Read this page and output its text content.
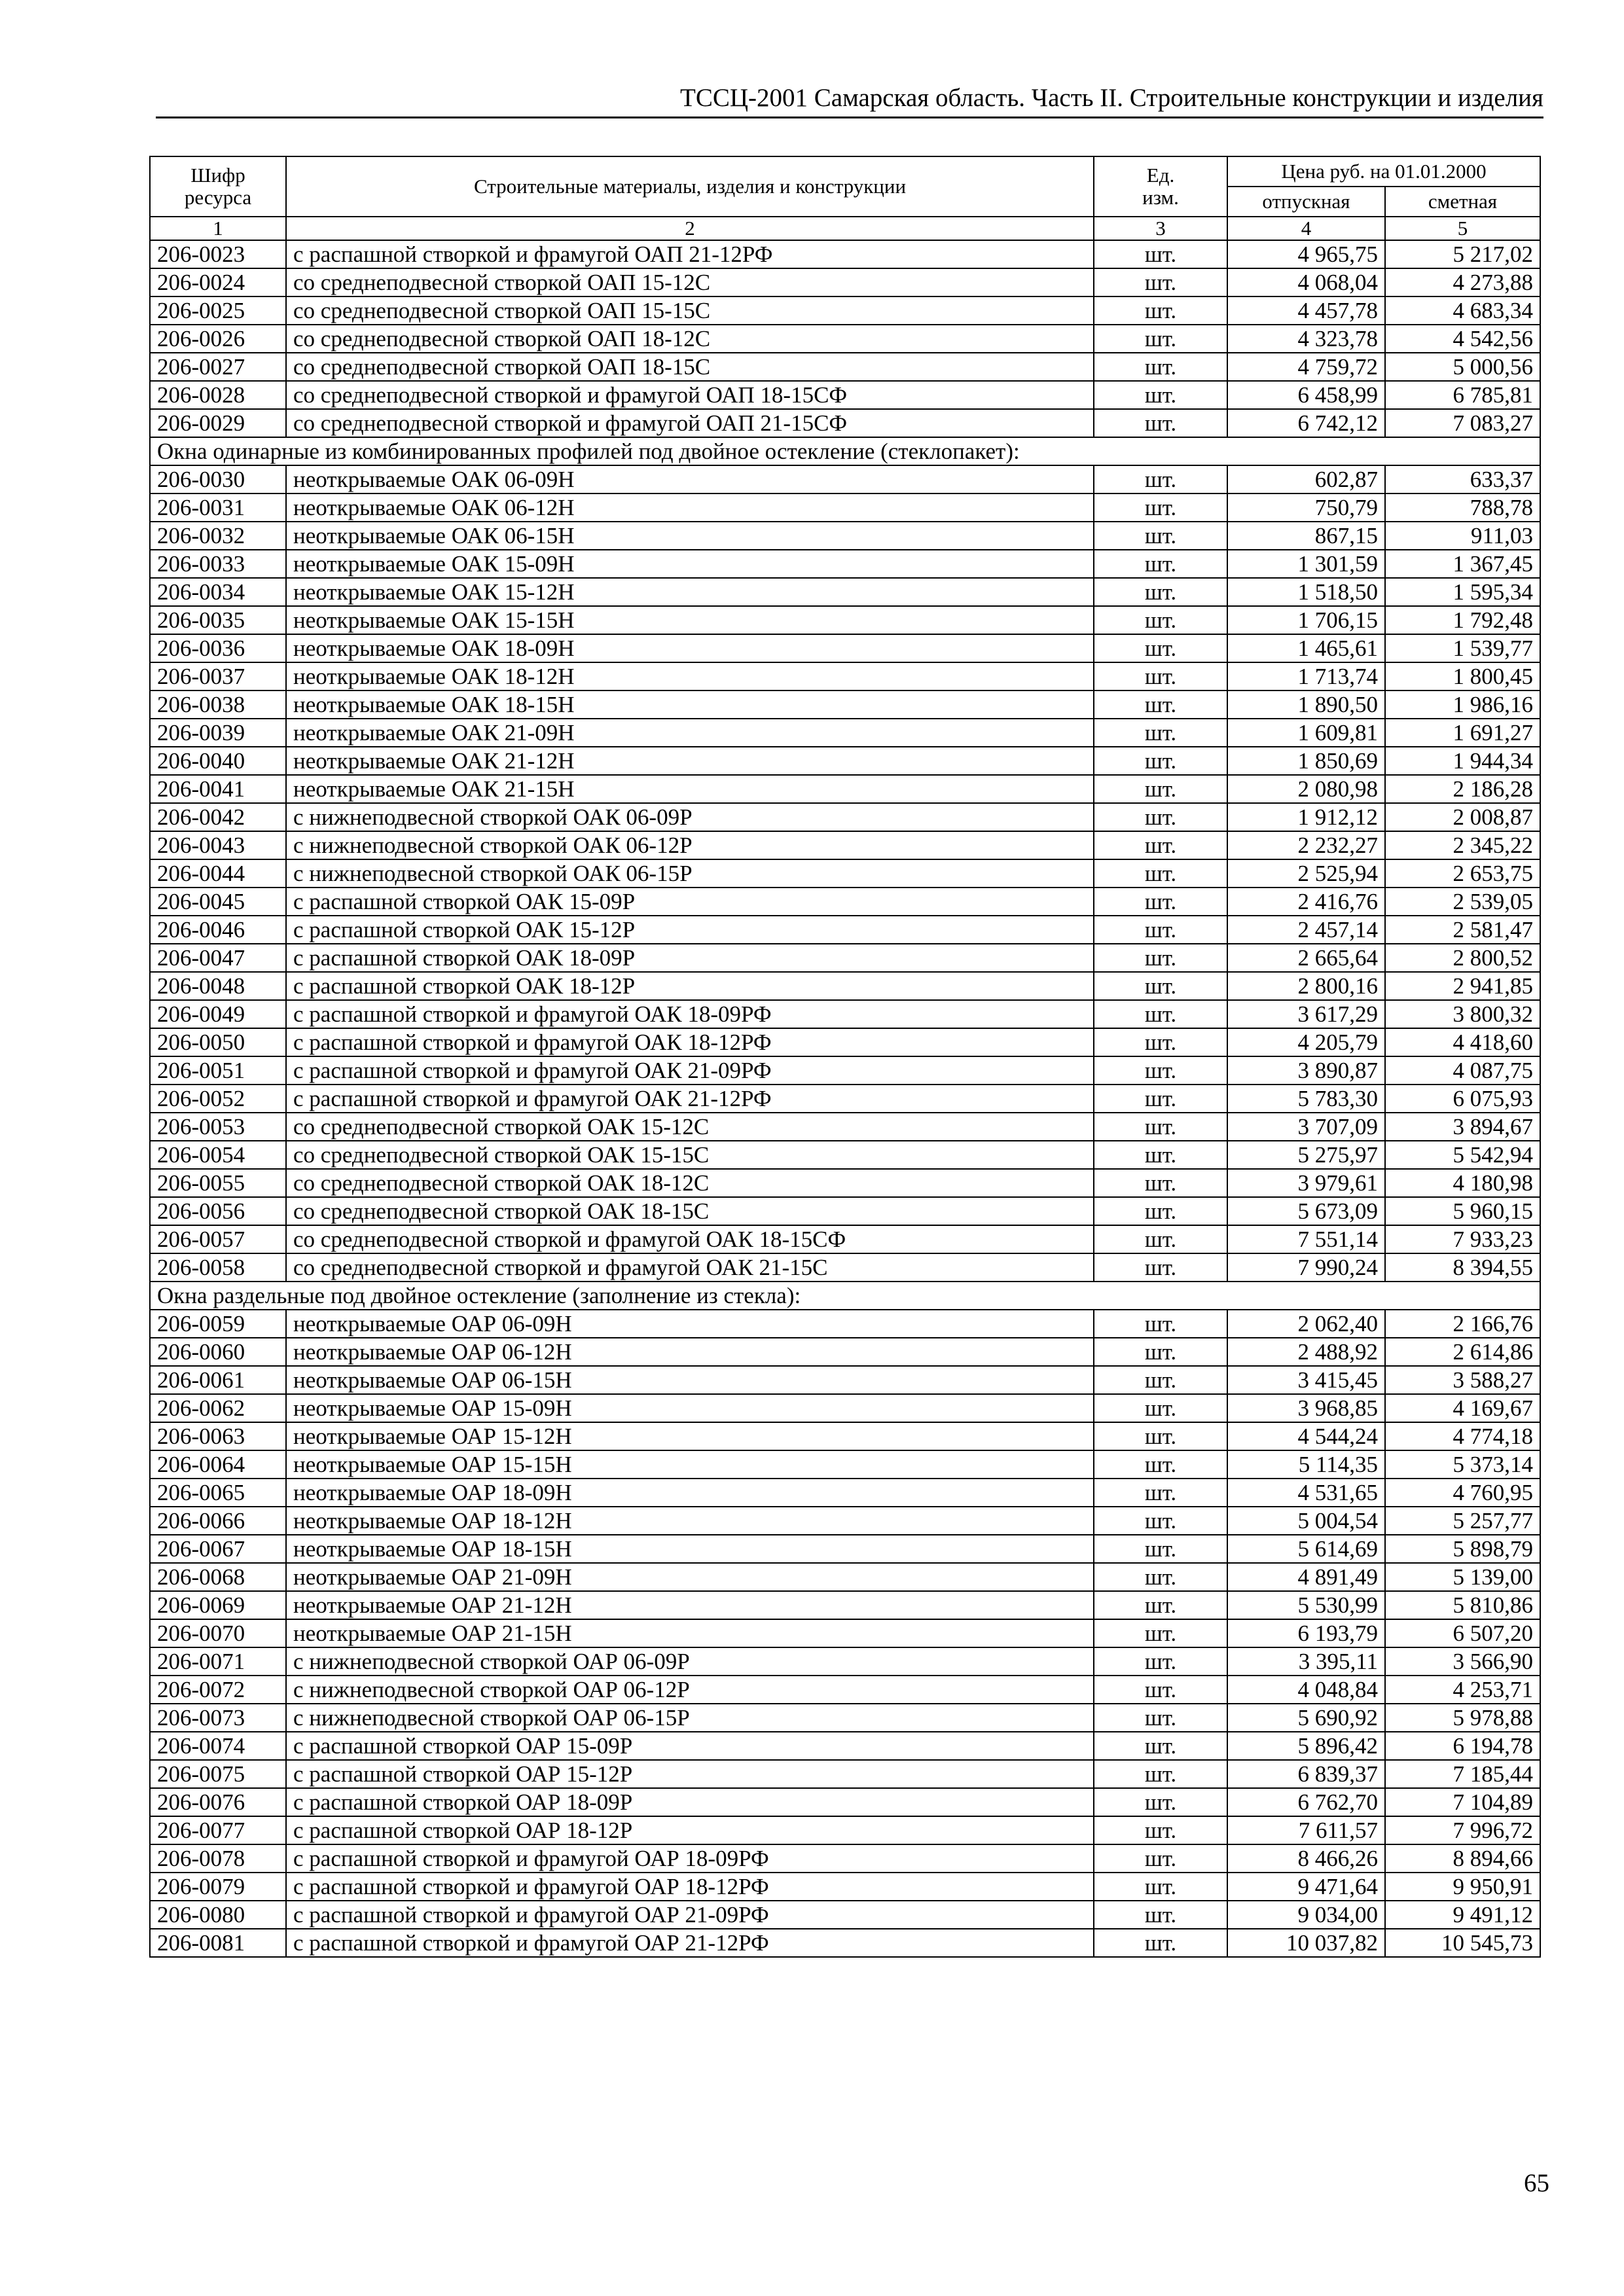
ТССЦ-2001 Самарская область. Часть II. Строительные конструкции и изделия
Шифр ресурса	Строительные материалы, изделия и конструкции	Ед. изм.	Цена руб. на 01.01.2000	
			отпускная	сметная
1	2	3	4	5
206-0023	с распашной створкой и фрамугой ОАП 21-12РФ	шт.	4 965,75	5 217,02
206-0024	со среднеподвесной створкой ОАП 15-12С	шт.	4 068,04	4 273,88
206-0025	со среднеподвесной створкой ОАП 15-15С	шт.	4 457,78	4 683,34
206-0026	со среднеподвесной створкой ОАП 18-12С	шт.	4 323,78	4 542,56
206-0027	со среднеподвесной створкой ОАП 18-15С	шт.	4 759,72	5 000,56
206-0028	со среднеподвесной створкой и фрамугой ОАП 18-15СФ	шт.	6 458,99	6 785,81
206-0029	со среднеподвесной створкой и фрамугой ОАП 21-15СФ	шт.	6 742,12	7 083,27
Окна одинарные из комбинированных профилей под двойное остекление (стеклопакет):				
206-0030	неоткрываемые ОАК 06-09Н	шт.	602,87	633,37
206-0031	неоткрываемые ОАК 06-12Н	шт.	750,79	788,78
206-0032	неоткрываемые ОАК 06-15Н	шт.	867,15	911,03
206-0033	неоткрываемые ОАК 15-09Н	шт.	1 301,59	1 367,45
206-0034	неоткрываемые ОАК 15-12Н	шт.	1 518,50	1 595,34
206-0035	неоткрываемые ОАК 15-15Н	шт.	1 706,15	1 792,48
206-0036	неоткрываемые ОАК 18-09Н	шт.	1 465,61	1 539,77
206-0037	неоткрываемые ОАК 18-12Н	шт.	1 713,74	1 800,45
206-0038	неоткрываемые ОАК 18-15Н	шт.	1 890,50	1 986,16
206-0039	неоткрываемые ОАК 21-09Н	шт.	1 609,81	1 691,27
206-0040	неоткрываемые ОАК 21-12Н	шт.	1 850,69	1 944,34
206-0041	неоткрываемые ОАК 21-15Н	шт.	2 080,98	2 186,28
206-0042	с нижнеподвесной створкой ОАК 06-09Р	шт.	1 912,12	2 008,87
206-0043	с нижнеподвесной створкой ОАК 06-12Р	шт.	2 232,27	2 345,22
206-0044	с нижнеподвесной створкой ОАК 06-15Р	шт.	2 525,94	2 653,75
206-0045	с распашной створкой ОАК 15-09Р	шт.	2 416,76	2 539,05
206-0046	с распашной створкой ОАК 15-12Р	шт.	2 457,14	2 581,47
206-0047	с распашной створкой ОАК 18-09Р	шт.	2 665,64	2 800,52
206-0048	с распашной створкой ОАК 18-12Р	шт.	2 800,16	2 941,85
206-0049	с распашной створкой и фрамугой ОАК 18-09РФ	шт.	3 617,29	3 800,32
206-0050	с распашной створкой и фрамугой ОАК 18-12РФ	шт.	4 205,79	4 418,60
206-0051	с распашной створкой и фрамугой ОАК 21-09РФ	шт.	3 890,87	4 087,75
206-0052	с распашной створкой и фрамугой ОАК 21-12РФ	шт.	5 783,30	6 075,93
206-0053	со среднеподвесной створкой ОАК 15-12С	шт.	3 707,09	3 894,67
206-0054	со среднеподвесной створкой ОАК 15-15С	шт.	5 275,97	5 542,94
206-0055	со среднеподвесной створкой ОАК 18-12С	шт.	3 979,61	4 180,98
206-0056	со среднеподвесной створкой ОАК 18-15С	шт.	5 673,09	5 960,15
206-0057	со среднеподвесной створкой и фрамугой ОАК 18-15СФ	шт.	7 551,14	7 933,23
206-0058	со среднеподвесной створкой и фрамугой ОАК 21-15С	шт.	7 990,24	8 394,55
Окна раздельные под двойное остекление (заполнение из стекла):				
206-0059	неоткрываемые ОАР 06-09Н	шт.	2 062,40	2 166,76
206-0060	неоткрываемые ОАР 06-12Н	шт.	2 488,92	2 614,86
206-0061	неоткрываемые ОАР 06-15Н	шт.	3 415,45	3 588,27
206-0062	неоткрываемые ОАР 15-09Н	шт.	3 968,85	4 169,67
206-0063	неоткрываемые ОАР 15-12Н	шт.	4 544,24	4 774,18
206-0064	неоткрываемые ОАР 15-15Н	шт.	5 114,35	5 373,14
206-0065	неоткрываемые ОАР 18-09Н	шт.	4 531,65	4 760,95
206-0066	неоткрываемые ОАР 18-12Н	шт.	5 004,54	5 257,77
206-0067	неоткрываемые ОАР 18-15Н	шт.	5 614,69	5 898,79
206-0068	неоткрываемые ОАР 21-09Н	шт.	4 891,49	5 139,00
206-0069	неоткрываемые ОАР 21-12Н	шт.	5 530,99	5 810,86
206-0070	неоткрываемые ОАР 21-15Н	шт.	6 193,79	6 507,20
206-0071	с нижнеподвесной створкой ОАР 06-09Р	шт.	3 395,11	3 566,90
206-0072	с нижнеподвесной створкой ОАР 06-12Р	шт.	4 048,84	4 253,71
206-0073	с нижнеподвесной створкой ОАР 06-15Р	шт.	5 690,92	5 978,88
206-0074	с распашной створкой ОАР 15-09Р	шт.	5 896,42	6 194,78
206-0075	с распашной створкой ОАР 15-12Р	шт.	6 839,37	7 185,44
206-0076	с распашной створкой ОАР 18-09Р	шт.	6 762,70	7 104,89
206-0077	с распашной створкой ОАР 18-12Р	шт.	7 611,57	7 996,72
206-0078	с распашной створкой и фрамугой ОАР 18-09РФ	шт.	8 466,26	8 894,66
206-0079	с распашной створкой и фрамугой ОАР 18-12РФ	шт.	9 471,64	9 950,91
206-0080	с распашной створкой и фрамугой ОАР 21-09РФ	шт.	9 034,00	9 491,12
206-0081	с распашной створкой и фрамугой ОАР 21-12РФ	шт.	10 037,82	10 545,73
65
